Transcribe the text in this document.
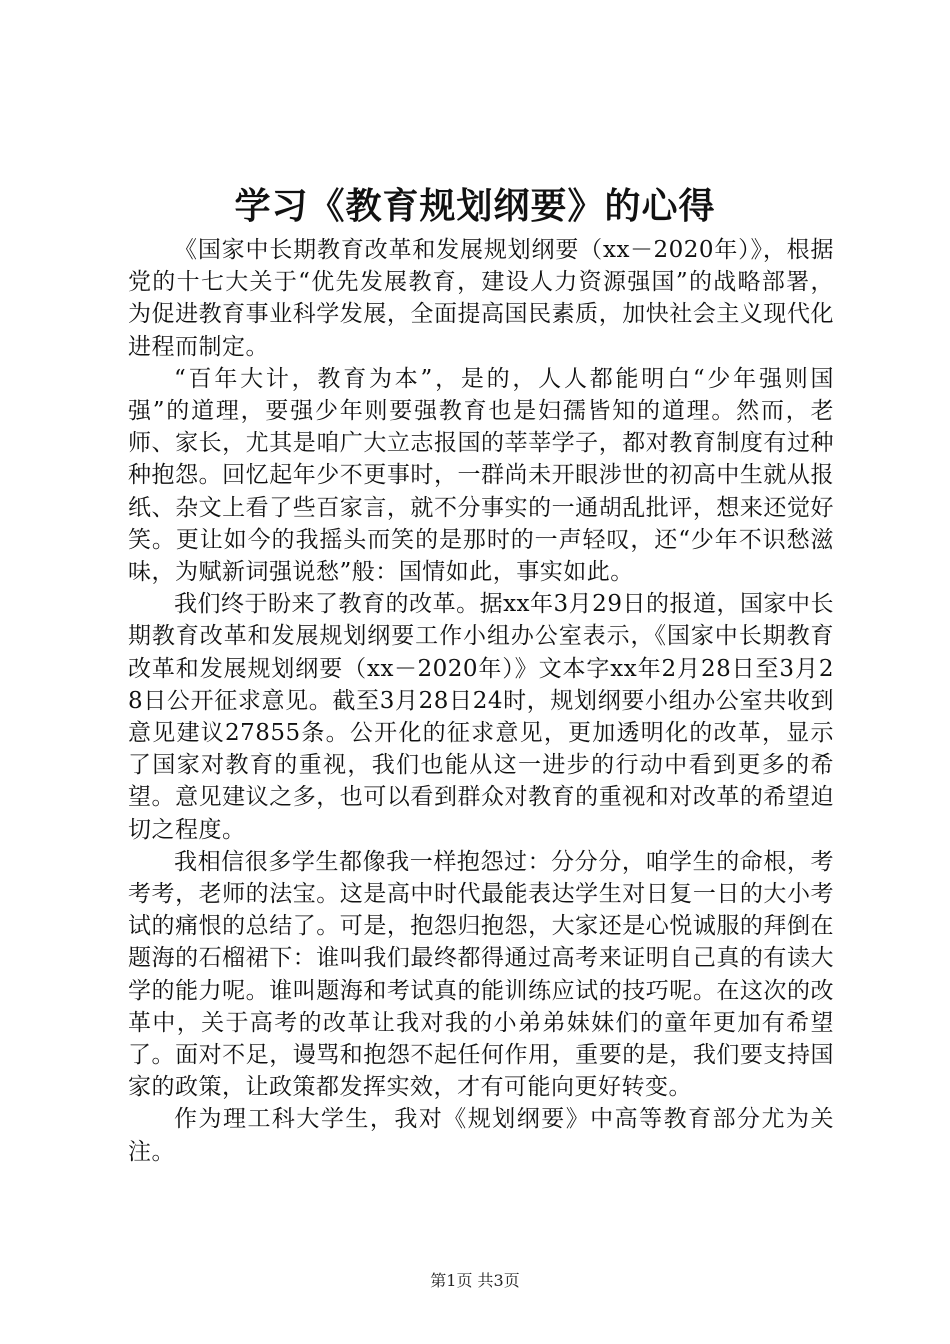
学习《教育规划纲要》的心得

《国家中长期教育改革和发展规划纲要（xx－2020年）》，根据党的十七大关于“优先发展教育，建设人力资源强国”的战略部署，为促进教育事业科学发展，全面提高国民素质，加快社会主义现代化进程而制定。

“百年大计，教育为本”，是的，人人都能明白“少年强则国强”的道理，要强少年则要强教育也是妇孺皆知的道理。然而，老师、家长，尤其是咱广大立志报国的莘莘学子，都对教育制度有过种种抱怨。回忆起年少不更事时，一群尚未开眼涉世的初高中生就从报纸、杂文上看了些百家言，就不分事实的一通胡乱批评，想来还觉好笑。更让如今的我摇头而笑的是那时的一声轻叹，还“少年不识愁滋味，为赋新词强说愁”般：国情如此，事实如此。

我们终于盼来了教育的改革。据xx年3月29日的报道，国家中长期教育改革和发展规划纲要工作小组办公室表示，《国家中长期教育改革和发展规划纲要（xx－2020年）》文本字xx年2月28日至3月28日公开征求意见。截至3月28日24时，规划纲要小组办公室共收到意见建议27855条。公开化的征求意见，更加透明化的改革，显示了国家对教育的重视，我们也能从这一进步的行动中看到更多的希望。意见建议之多，也可以看到群众对教育的重视和对改革的希望迫切之程度。

我相信很多学生都像我一样抱怨过：分分分，咱学生的命根，考考考，老师的法宝。这是高中时代最能表达学生对日复一日的大小考试的痛恨的总结了。可是，抱怨归抱怨，大家还是心悦诚服的拜倒在题海的石榴裙下：谁叫我们最终都得通过高考来证明自己真的有读大学的能力呢。谁叫题海和考试真的能训练应试的技巧呢。在这次的改革中，关于高考的改革让我对我的小弟弟妹妹们的童年更加有希望了。面对不足，谩骂和抱怨不起任何作用，重要的是，我们要支持国家的政策，让政策都发挥实效，才有可能向更好转变。

作为理工科大学生，我对《规划纲要》中高等教育部分尤为关注。

第1页 共3页
